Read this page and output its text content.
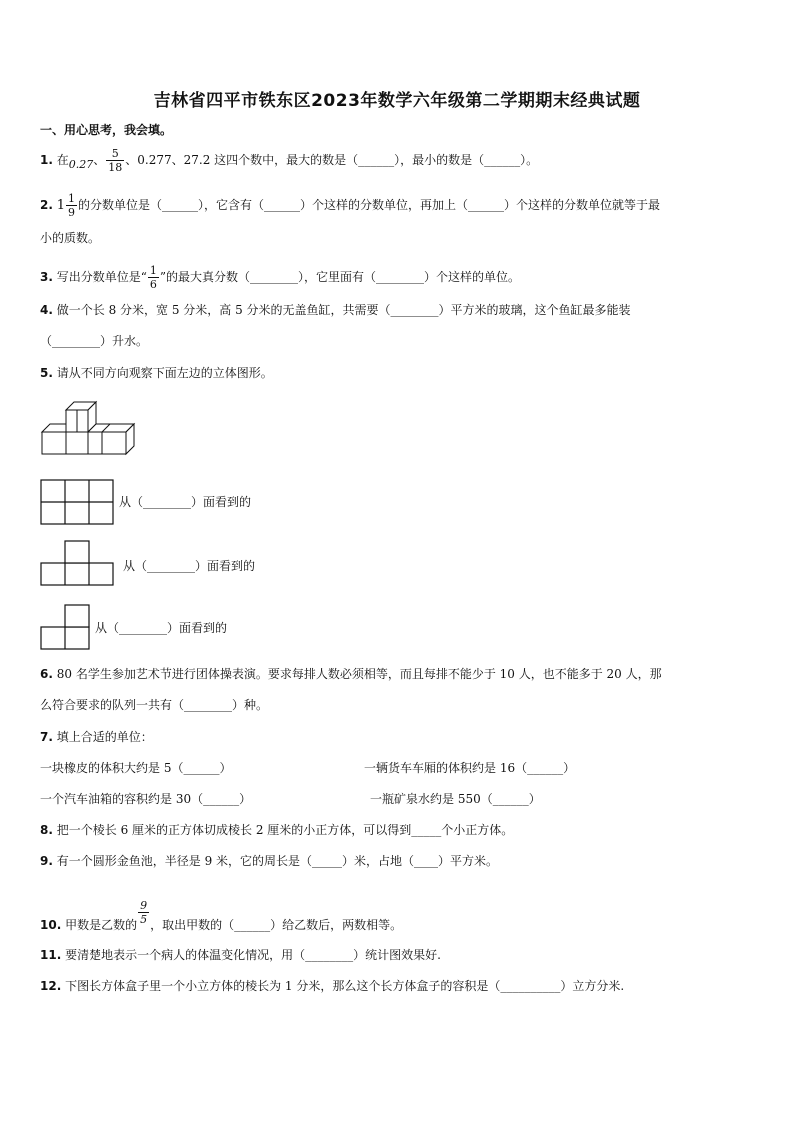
吉林省四平市铁东区2023年数学六年级第二学期期末经典试题
一、用心思考，我会填。
1. 在0.27、 $\frac{5}{18}$ 、0.277、27.2 这四个数中，最大的数是（______），最小的数是（______）。
2. $1 \frac{1}{9}$ 的分数单位是（______），它含有（______）个这样的分数单位，再加上（______）个这样的分数单位就等于最
小的质数。
3. 写出分数单位是“ $\frac{1}{6}$ ”的最大真分数（________），它里面有（________）个这样的单位。
4. 做一个长 8 分米，宽 5 分米，高 5 分米的无盖鱼缸，共需要（________）平方米的玻璃，这个鱼缸最多能装
（________）升水。
5. 请从不同方向观察下面左边的立体图形。
从（________）面看到的
从（________）面看到的
从（________）面看到的
6. 80 名学生参加艺术节进行团体操表演。要求每排人数必须相等，而且每排不能少于 10 人，也不能多于 20 人，那
么符合要求的队列一共有（________）种。
7. 填上合适的单位：
一块橡皮的体积大约是 5（______）	一辆货车车厢的体积约是 16（______）
一个汽车油箱的容积约是 30（______）	一瓶矿泉水约是 550（______）
8. 把一个棱长 6 厘米的正方体切成棱长 2 厘米的小正方体，可以得到_____个小正方体。
9. 有一个圆形金鱼池，半径是 9 米，它的周长是（_____）米，占地（____）平方米。
10. 甲数是乙数的 $\frac{9}{5}$ ，取出甲数的（______）给乙数后，两数相等。
11. 要清楚地表示一个病人的体温变化情况，用（________）统计图效果好.
12. 下图长方体盒子里一个小立方体的棱长为 1 分米，那么这个长方体盒子的容积是（__________）立方分米.
